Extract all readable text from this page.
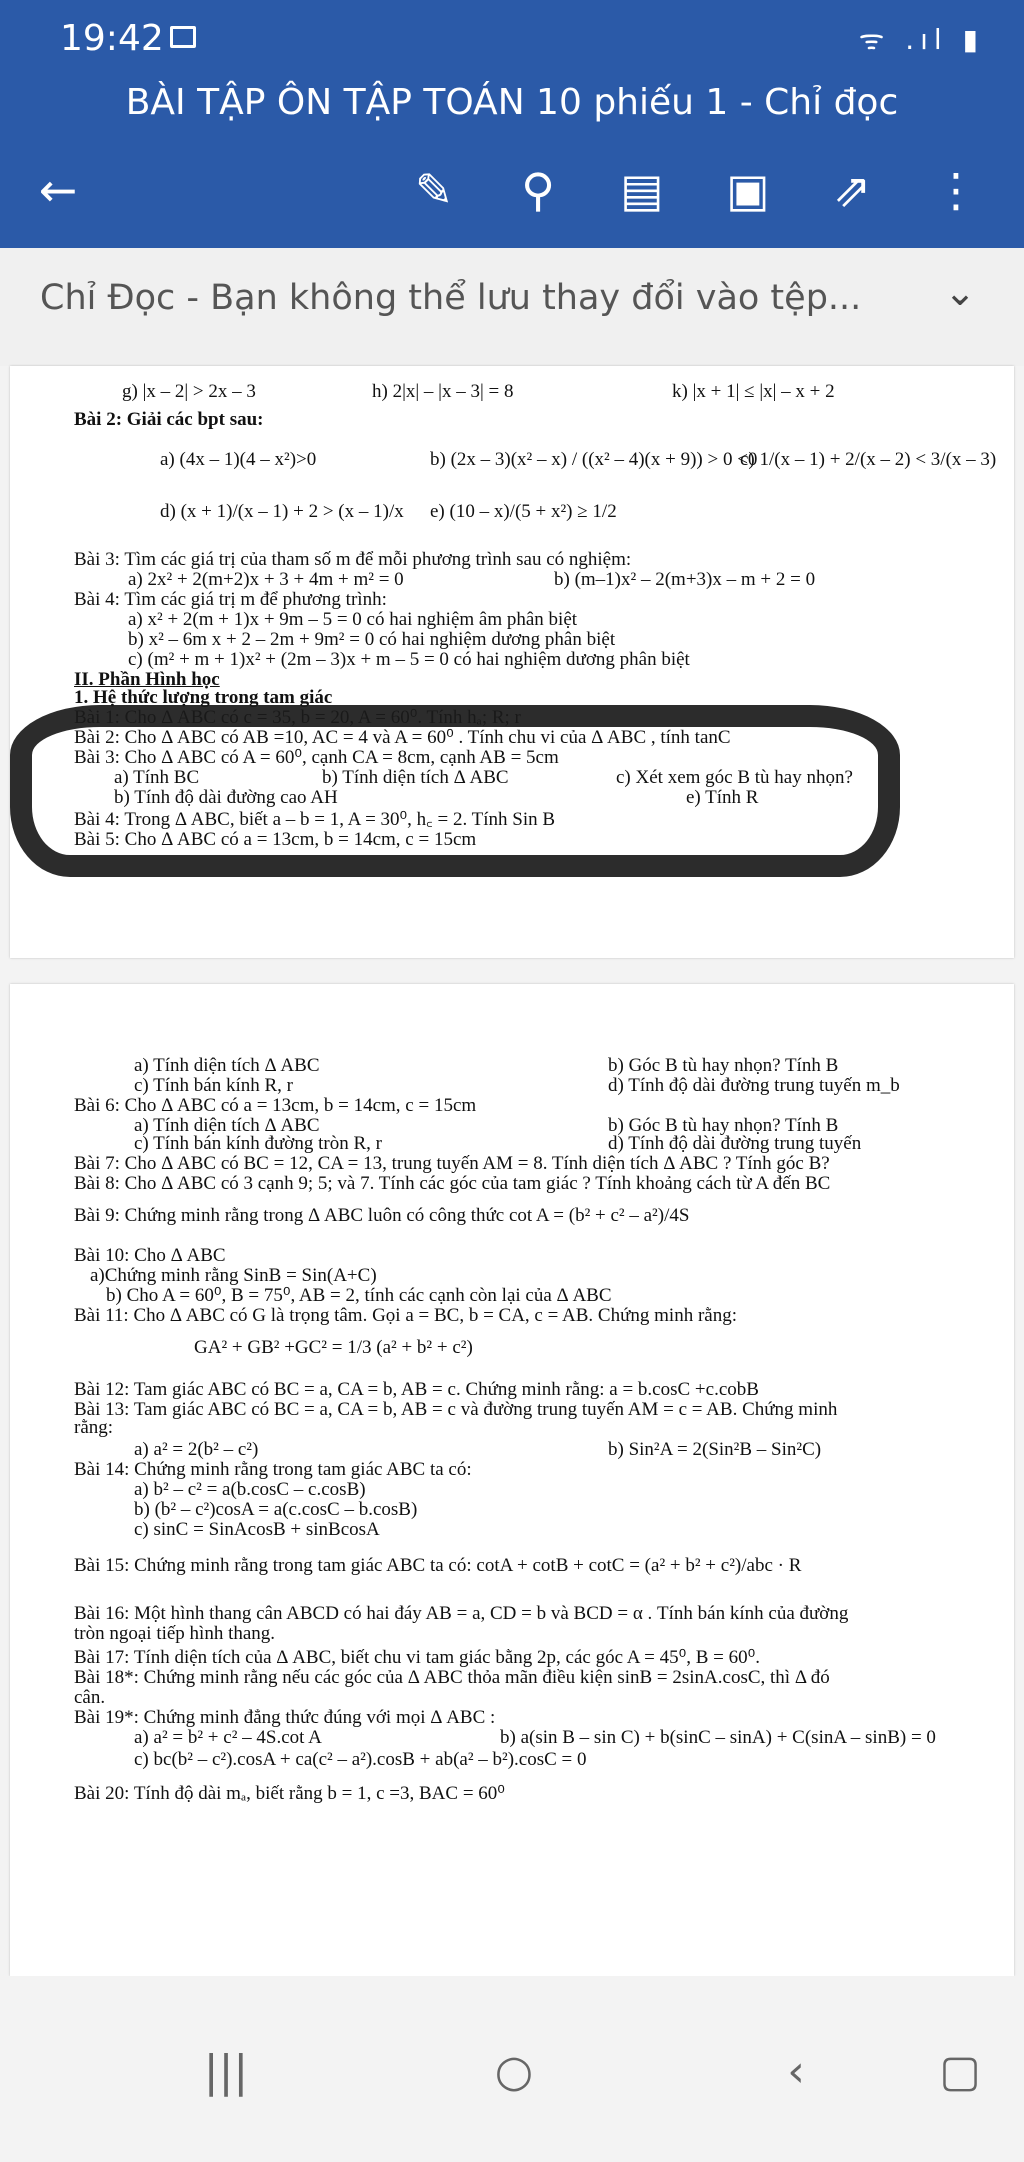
19:42	ᯤ .ıl ▮
BÀI TẬP ÔN TẬP TOÁN 10 phiếu 1 - Chỉ đọc
←	✎ ⚲ ▤ ▣ ⇗ ⋮
Chỉ Đọc - Bạn không thể lưu thay đổi vào tệp... ⌄
g) |x – 2| > 2x – 3	h) 2|x| – |x – 3| = 8	k) |x + 1| ≤ |x| – x + 2
Bài 2: Giải các bpt sau:
a) (4x – 1)(4 – x²)>0	b) (2x – 3)(x² – x) / ((x² – 4)(x + 9)) > 0 <0
c) 1/(x – 1) + 2/(x – 2) < 3/(x – 3)
d) (x + 1)/(x – 1) + 2 > (x – 1)/x e) (10 – x)/(5 + x²) ≥ 1/2
Bài 3: Tìm các giá trị của tham số m để mỗi phương trình sau có nghiệm:
a) 2x² + 2(m+2)x + 3 + 4m + m² = 0	b) (m–1)x² – 2(m+3)x – m + 2 = 0
Bài 4: Tìm các giá trị m để phương trình:
a) x² + 2(m + 1)x + 9m – 5 = 0 có hai nghiệm âm phân biệt
b) x² – 6m x + 2 – 2m + 9m² = 0 có hai nghiệm dương phân biệt
c) (m² + m + 1)x² + (2m – 3)x + m – 5 = 0 có hai nghiệm dương phân biệt
II. Phần Hình học
1. Hệ thức lượng trong tam giác
Bài 1: Cho Δ ABC có c = 35, b = 20, A = 60⁰. Tính hₐ; R; r
Bài 2: Cho Δ ABC có AB =10, AC = 4 và A = 60⁰ . Tính chu vi của Δ ABC , tính tanC
Bài 3: Cho Δ ABC có A = 60⁰, cạnh CA = 8cm, cạnh AB = 5cm
a) Tính BC	b) Tính diện tích Δ ABC	c) Xét xem góc B tù hay nhọn?
b) Tính độ dài đường cao AH	e) Tính R
Bài 4: Trong Δ ABC, biết a – b = 1, A = 30⁰, h꜀ = 2. Tính Sin B
Bài 5: Cho Δ ABC có a = 13cm, b = 14cm, c = 15cm
a) Tính diện tích Δ ABC	b) Góc B tù hay nhọn? Tính B
c) Tính bán kính R, r	d) Tính độ dài đường trung tuyến m_b
Bài 6: Cho Δ ABC có a = 13cm, b = 14cm, c = 15cm
a) Tính diện tích Δ ABC	b) Góc B tù hay nhọn? Tính B
c) Tính bán kính đường tròn R, r	d) Tính độ dài đường trung tuyến
Bài 7: Cho Δ ABC có BC = 12, CA = 13, trung tuyến AM = 8. Tính diện tích Δ ABC ? Tính góc B?
Bài 8: Cho Δ ABC có 3 cạnh 9; 5; và 7. Tính các góc của tam giác ? Tính khoảng cách từ A đến BC
Bài 9: Chứng minh rằng trong Δ ABC luôn có công thức cot A = (b² + c² – a²)/4S
Bài 10: Cho Δ ABC
a)Chứng minh rằng SinB = Sin(A+C)
b) Cho A = 60⁰, B = 75⁰, AB = 2, tính các cạnh còn lại của Δ ABC
Bài 11: Cho Δ ABC có G là trọng tâm. Gọi a = BC, b = CA, c = AB. Chứng minh rằng:
GA² + GB² +GC² = 1/3 (a² + b² + c²)
Bài 12: Tam giác ABC có BC = a, CA = b, AB = c. Chứng minh rằng: a = b.cosC +c.cobB
Bài 13: Tam giác ABC có BC = a, CA = b, AB = c và đường trung tuyến AM = c = AB. Chứng minh
rằng:
a) a² = 2(b² – c²)	b) Sin²A = 2(Sin²B – Sin²C)
Bài 14: Chứng minh rằng trong tam giác ABC ta có:
a) b² – c² = a(b.cosC – c.cosB)
b) (b² – c²)cosA = a(c.cosC – b.cosB)
c) sinC = SinAcosB + sinBcosA
Bài 15: Chứng minh rằng trong tam giác ABC ta có: cotA + cotB + cotC = (a² + b² + c²)/abc · R
Bài 16: Một hình thang cân ABCD có hai đáy AB = a, CD = b và BCD = α . Tính bán kính của đường
tròn ngoại tiếp hình thang.
Bài 17: Tính diện tích của Δ ABC, biết chu vi tam giác bằng 2p, các góc A = 45⁰, B = 60⁰.
Bài 18*: Chứng minh rằng nếu các góc của Δ ABC thỏa mãn điều kiện sinB = 2sinA.cosC, thì Δ đó
cân.
Bài 19*: Chứng minh đẳng thức đúng với mọi Δ ABC :
a) a² = b² + c² – 4S.cot A	b) a(sin B – sin C) + b(sinC – sinA) + C(sinA – sinB) = 0
c) bc(b² – c²).cosA + ca(c² – a²).cosB + ab(a² – b²).cosC = 0
Bài 20: Tính độ dài mₐ, biết rằng b = 1, c =3, BAC = 60⁰
|||	○	‹	▢
